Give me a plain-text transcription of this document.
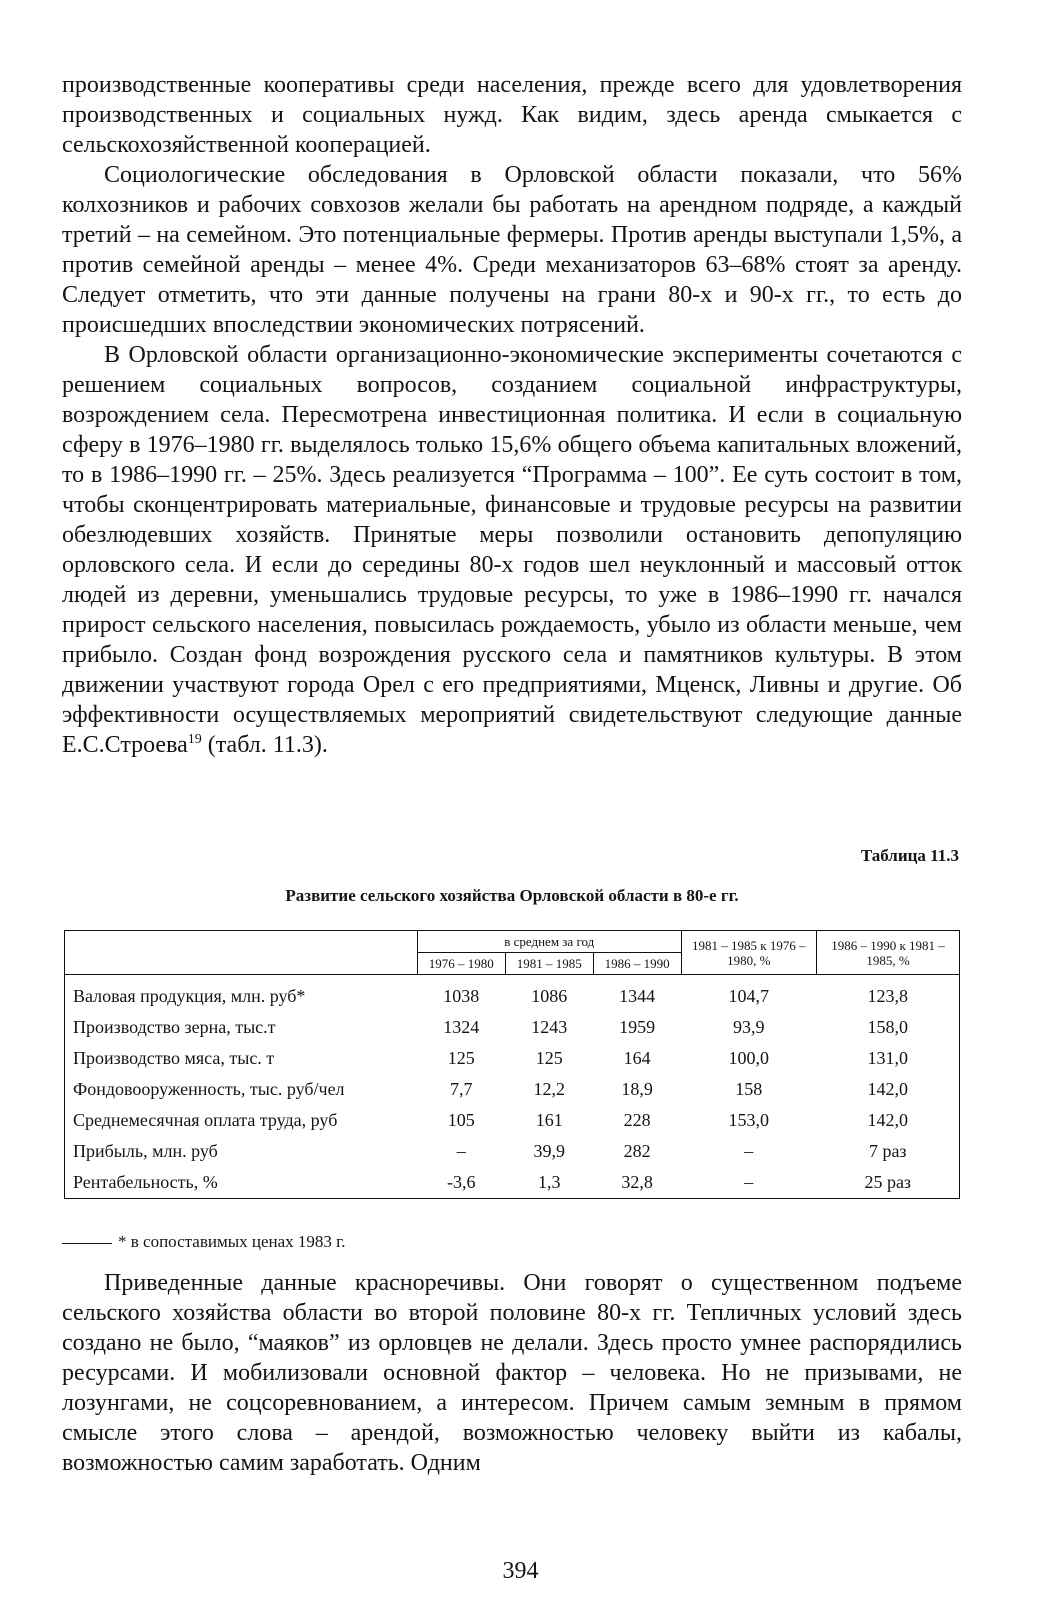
производственные кооперативы среди населения, прежде всего для удовлетворения производственных и социальных нужд. Как видим, здесь аренда смыкается с сельскохозяйственной кооперацией.

Социологические обследования в Орловской области показали, что 56% колхозников и рабочих совхозов желали бы работать на арендном подряде, а каждый третий – на семейном. Это потенциальные фермеры. Против аренды выступали 1,5%, а против семейной аренды – менее 4%. Среди механизаторов 63–68% стоят за аренду. Следует отметить, что эти данные получены на грани 80-х и 90-х гг., то есть до происшедших впоследствии экономических потрясений.

В Орловской области организационно-экономические эксперименты сочетаются с решением социальных вопросов, созданием социальной инфраструктуры, возрождением села. Пересмотрена инвестиционная политика. И если в социальную сферу в 1976–1980 гг. выделялось только 15,6% общего объема капитальных вложений, то в 1986–1990 гг. – 25%. Здесь реализуется “Программа – 100”. Ее суть состоит в том, чтобы сконцентрировать материальные, финансовые и трудовые ресурсы на развитии обезлюдевших хозяйств. Принятые меры позволили остановить депопуляцию орловского села. И если до середины 80-х годов шел неуклонный и массовый отток людей из деревни, уменьшались трудовые ресурсы, то уже в 1986–1990 гг. начался прирост сельского населения, повысилась рождаемость, убыло из области меньше, чем прибыло. Создан фонд возрождения русского села и памятников культуры. В этом движении участвуют города Орел с его предприятиями, Мценск, Ливны и другие. Об эффективности осуществляемых мероприятий свидетельствуют следующие данные Е.С.Строева$^{19}$ (табл. 11.3).

Таблица 11.3
Развитие сельского хозяйства Орловской области в 80-е гг.
	в среднем за год			1981 – 1985 к 1976 – 1980, %	1986 – 1990 к 1981 – 1985, %
	1976 – 1980	1981 – 1985	1986 – 1990		
Валовая продукция, млн. руб*	1038	1086	1344	104,7	123,8
Производство зерна, тыс.т	1324	1243	1959	93,9	158,0
Производство мяса, тыс. т	125	125	164	100,0	131,0
Фондовооруженность, тыс. руб/чел	7,7	12,2	18,9	158	142,0
Среднемесячная оплата труда, руб	105	161	228	153,0	142,0
Прибыль, млн. руб	–	39,9	282	–	7 раз
Рентабельность, %	-3,6	1,3	32,8	–	25 раз
* в сопоставимых ценах 1983 г.

Приведенные данные красноречивы. Они говорят о существенном подъеме сельского хозяйства области во второй половине 80-х гг. Тепличных условий здесь создано не было, “маяков” из орловцев не делали. Здесь просто умнее распорядились ресурсами. И мобилизовали основной фактор – человека. Но не призывами, не лозунгами, не соцсоревнованием, а интересом. Причем самым земным в прямом смысле этого слова – арендой, возможностью человеку выйти из кабалы, возможностью самим заработать. Одним

394
